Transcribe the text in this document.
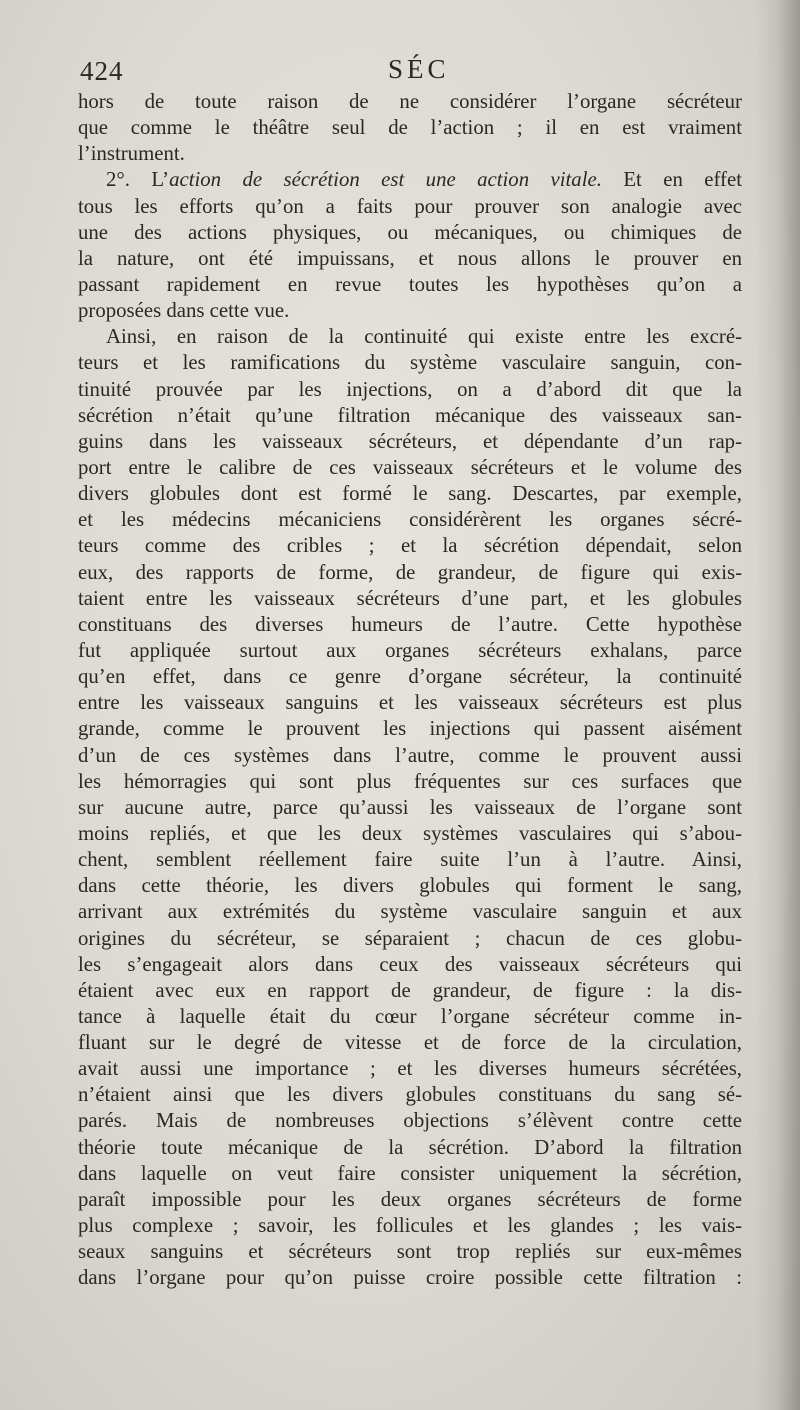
424	SÉC
hors de toute raison de ne considérer l’organe sécréteur
que comme le théâtre seul de l’action ; il en est vraiment
l’instrument.
2°. L’action de sécrétion est une action vitale. Et en effet
tous les efforts qu’on a faits pour prouver son analogie avec
une des actions physiques, ou mécaniques, ou chimiques de
la nature, ont été impuissans, et nous allons le prouver en
passant rapidement en revue toutes les hypothèses qu’on a
proposées dans cette vue.
Ainsi, en raison de la continuité qui existe entre les excré-
teurs et les ramifications du système vasculaire sanguin, con-
tinuité prouvée par les injections, on a d’abord dit que la
sécrétion n’était qu’une filtration mécanique des vaisseaux san-
guins dans les vaisseaux sécréteurs, et dépendante d’un rap-
port entre le calibre de ces vaisseaux sécréteurs et le volume des
divers globules dont est formé le sang. Descartes, par exemple,
et les médecins mécaniciens considérèrent les organes sécré-
teurs comme des cribles ; et la sécrétion dépendait, selon
eux, des rapports de forme, de grandeur, de figure qui exis-
taient entre les vaisseaux sécréteurs d’une part, et les globules
constituans des diverses humeurs de l’autre. Cette hypothèse
fut appliquée surtout aux organes sécréteurs exhalans, parce
qu’en effet, dans ce genre d’organe sécréteur, la continuité
entre les vaisseaux sanguins et les vaisseaux sécréteurs est plus
grande, comme le prouvent les injections qui passent aisément
d’un de ces systèmes dans l’autre, comme le prouvent aussi
les hémorragies qui sont plus fréquentes sur ces surfaces que
sur aucune autre, parce qu’aussi les vaisseaux de l’organe sont
moins repliés, et que les deux systèmes vasculaires qui s’abou-
chent, semblent réellement faire suite l’un à l’autre. Ainsi,
dans cette théorie, les divers globules qui forment le sang,
arrivant aux extrémités du système vasculaire sanguin et aux
origines du sécréteur, se séparaient ; chacun de ces globu-
les s’engageait alors dans ceux des vaisseaux sécréteurs qui
étaient avec eux en rapport de grandeur, de figure : la dis-
tance à laquelle était du cœur l’organe sécréteur comme in-
fluant sur le degré de vitesse et de force de la circulation,
avait aussi une importance ; et les diverses humeurs sécrétées,
n’étaient ainsi que les divers globules constituans du sang sé-
parés. Mais de nombreuses objections s’élèvent contre cette
théorie toute mécanique de la sécrétion. D’abord la filtration
dans laquelle on veut faire consister uniquement la sécrétion,
paraît impossible pour les deux organes sécréteurs de forme
plus complexe ; savoir, les follicules et les glandes ; les vais-
seaux sanguins et sécréteurs sont trop repliés sur eux-mêmes
dans l’organe pour qu’on puisse croire possible cette filtration :
